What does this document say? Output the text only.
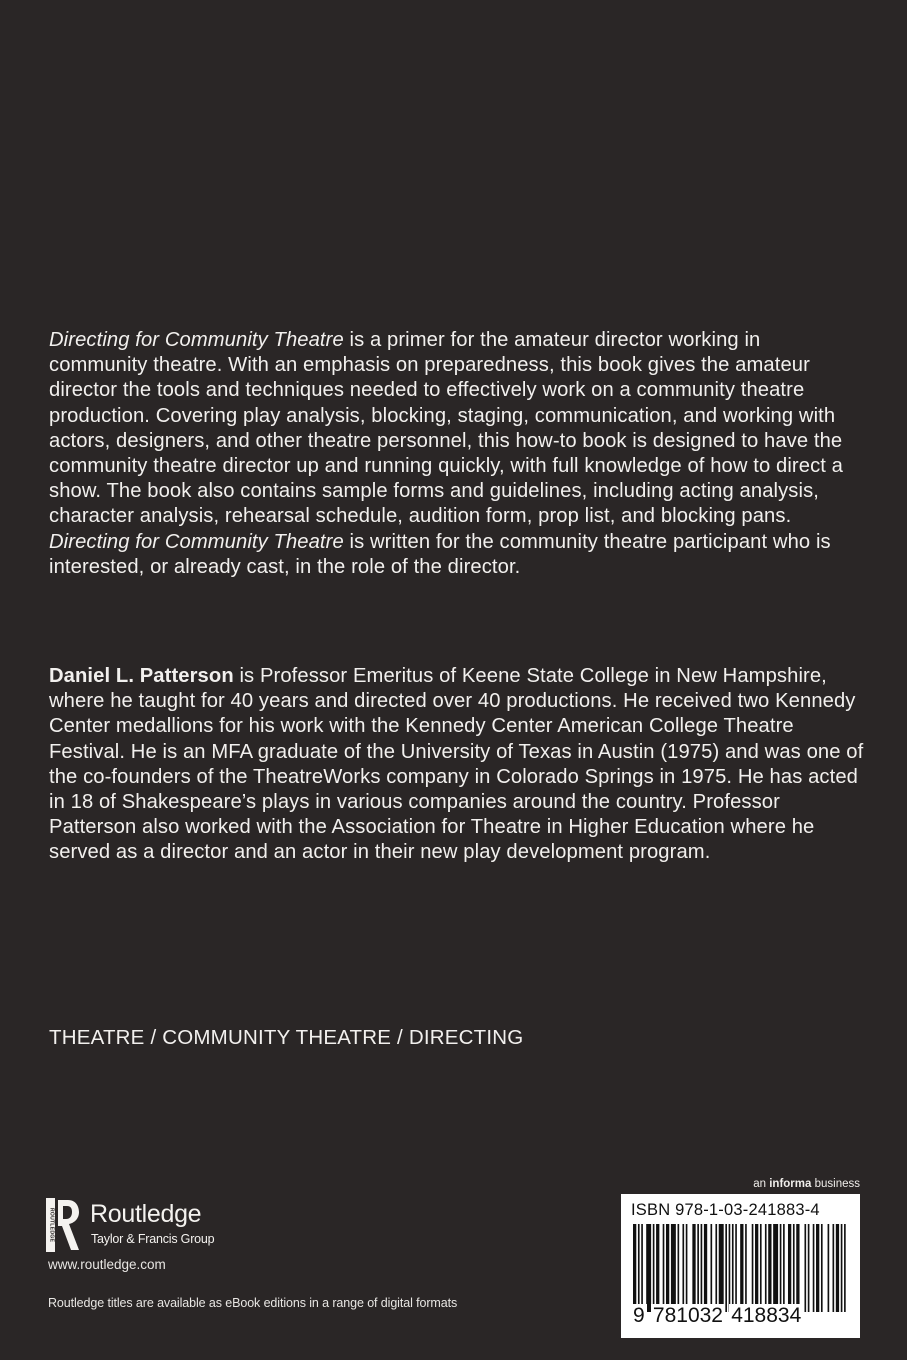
Directing for Community Theatre is a primer for the amateur director working in community theatre. With an emphasis on preparedness, this book gives the amateur director the tools and techniques needed to effectively work on a community theatre production. Covering play analysis, blocking, staging, communication, and working with actors, designers, and other theatre personnel, this how-to book is designed to have the community theatre director up and running quickly, with full knowledge of how to direct a show. The book also contains sample forms and guidelines, including acting analysis, character analysis, rehearsal schedule, audition form, prop list, and blocking pans. Directing for Community Theatre is written for the community theatre participant who is interested, or already cast, in the role of the director.
Daniel L. Patterson is Professor Emeritus of Keene State College in New Hampshire, where he taught for 40 years and directed over 40 productions. He received two Kennedy Center medallions for his work with the Kennedy Center American College Theatre Festival. He is an MFA graduate of the University of Texas in Austin (1975) and was one of the co-founders of the TheatreWorks company in Colorado Springs in 1975. He has acted in 18 of Shakespeare’s plays in various companies around the country. Professor Patterson also worked with the Association for Theatre in Higher Education where he served as a director and an actor in their new play development program.
THEATRE / COMMUNITY THEATRE / DIRECTING
ROUTLEDGE Routledge
Taylor & Francis Group
www.routledge.com
Routledge titles are available as eBook editions in a range of digital formats
an informa business
ISBN 978-1-03-241883-4
9  781032  418834
